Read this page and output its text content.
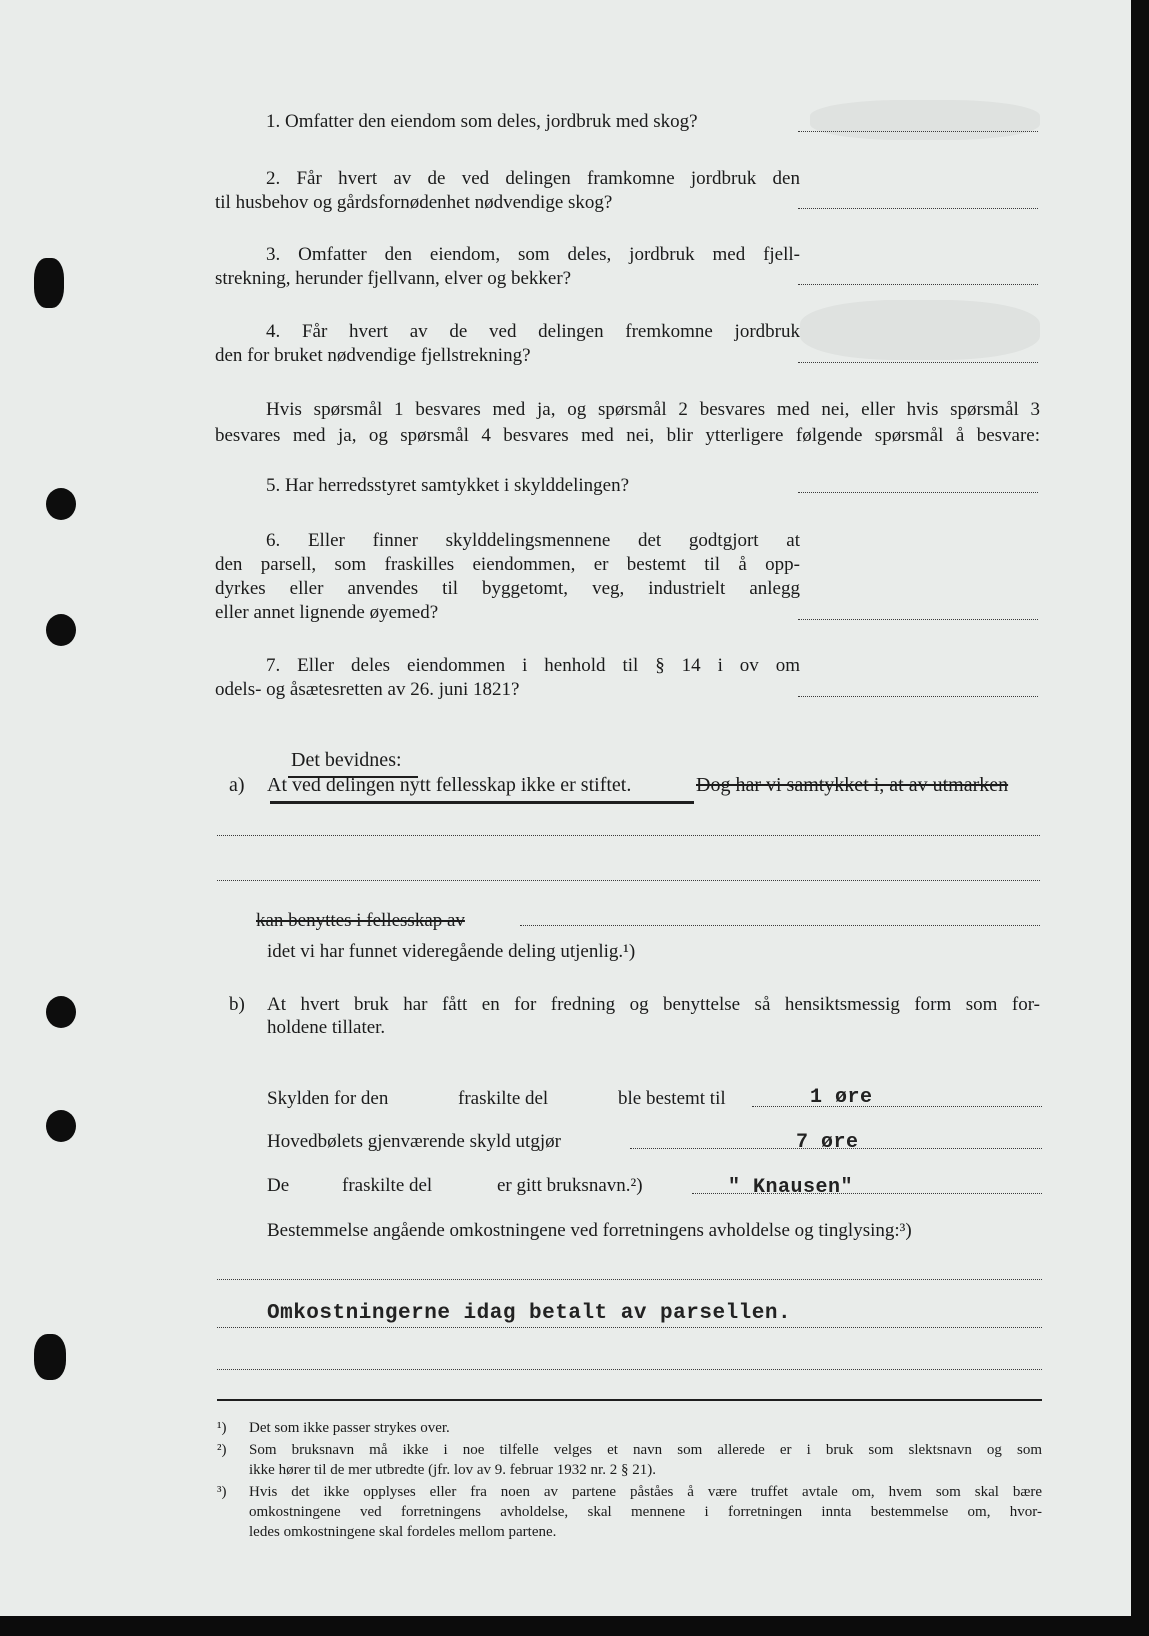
1. Omfatter den eiendom som deles, jordbruk med skog?
2. Får hvert av de ved delingen framkomne jordbruk den
til husbehov og gårdsfornødenhet nødvendige skog?
3. Omfatter den eiendom, som deles, jordbruk med fjell-
strekning, herunder fjellvann, elver og bekker?
4. Får hvert av de ved delingen fremkomne jordbruk
den for bruket nødvendige fjellstrekning?
Hvis spørsmål 1 besvares med ja, og spørsmål 2 besvares med nei, eller hvis spørsmål 3
besvares med ja, og spørsmål 4 besvares med nei, blir ytterligere følgende spørsmål å besvare:
5. Har herredsstyret samtykket i skylddelingen?
6. Eller finner skylddelingsmennene det godtgjort at
den parsell, som fraskilles eiendommen, er bestemt til å opp-
dyrkes eller anvendes til byggetomt, veg, industrielt anlegg
eller annet lignende øyemed?
7. Eller deles eiendommen i henhold til § 14 i ov om
odels- og åsætesretten av 26. juni 1821?
Det bevidnes:
a) At ved delingen nytt fellesskap ikke er stiftet.	Dog har vi samtykket i, at av utmarken
kan benyttes i fellesskap av
idet vi har funnet videregående deling utjenlig.¹)
b) At hvert bruk har fått en for fredning og benyttelse så hensiktsmessig form som for-
holdene tillater.
Skylden for den	fraskilte del	ble bestemt til	1 øre
Hovedbølets gjenværende skyld utgjør	7 øre
De	fraskilte del	er gitt bruksnavn.²)	" Knausen"
Bestemmelse angående omkostningene ved forretningens avholdelse og tinglysing:³)
Omkostningerne idag betalt av parsellen.
¹) Det som ikke passer strykes over.
²) Som bruksnavn må ikke i noe tilfelle velges et navn som allerede er i bruk som slektsnavn og som
ikke hører til de mer utbredte (jfr. lov av 9. februar 1932 nr. 2 § 21).
³) Hvis det ikke opplyses eller fra noen av partene påståes å være truffet avtale om, hvem som skal bære
omkostningene ved forretningens avholdelse, skal mennene i forretningen innta bestemmelse om, hvor-
ledes omkostningene skal fordeles mellom partene.
